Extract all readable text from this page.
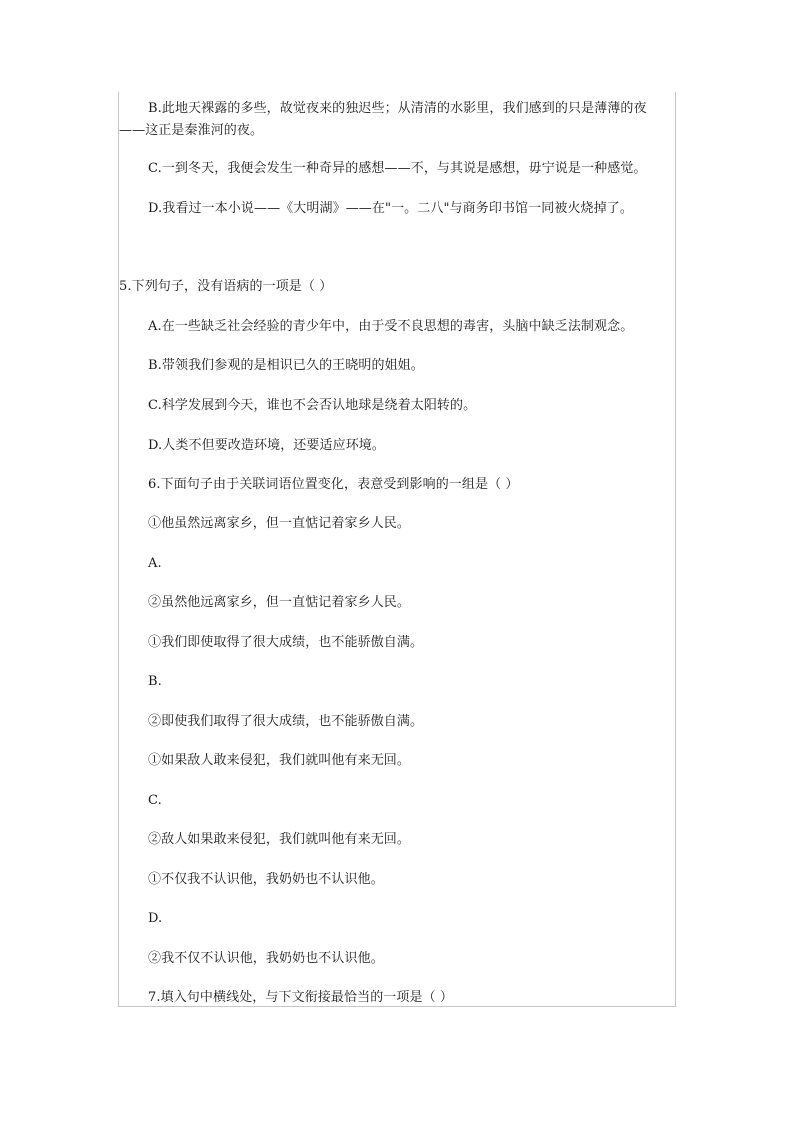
B.此地天裸露的多些，故觉夜来的独迟些；从清清的水影里，我们感到的只是薄薄的夜
——这正是秦淮河的夜。
C.一到冬天，我便会发生一种奇异的感想——不，与其说是感想，毋宁说是一种感觉。
D.我看过一本小说——《大明湖》——在"一。二八"与商务印书馆一同被火烧掉了。
5.下列句子，没有语病的一项是（ ）
A.在一些缺乏社会经验的青少年中，由于受不良思想的毒害，头脑中缺乏法制观念。
B.带领我们参观的是相识已久的王晓明的姐姐。
C.科学发展到今天，谁也不会否认地球是绕着太阳转的。
D.人类不但要改造环境，还要适应环境。
6.下面句子由于关联词语位置变化，表意受到影响的一组是（ ）
①他虽然远离家乡，但一直惦记着家乡人民。
A.
②虽然他远离家乡，但一直惦记着家乡人民。
①我们即使取得了很大成绩，也不能骄傲自满。
B.
②即使我们取得了很大成绩，也不能骄傲自满。
①如果敌人敢来侵犯，我们就叫他有来无回。
C.
②敌人如果敢来侵犯，我们就叫他有来无回。
①不仅我不认识他，我奶奶也不认识他。
D.
②我不仅不认识他，我奶奶也不认识他。
7.填入句中横线处，与下文衔接最恰当的一项是（ ）
